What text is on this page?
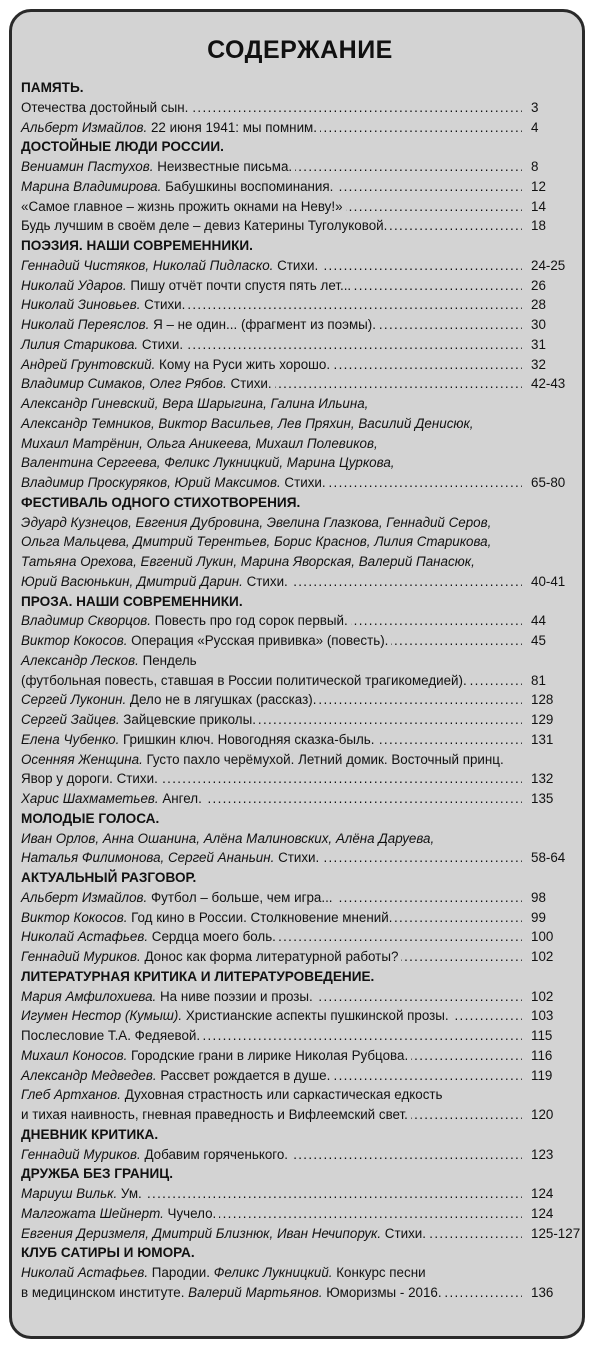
СОДЕРЖАНИЕ
ПАМЯТЬ.
. . . Отечества достойный сын.	3
. . . Альберт Измайлов. 22 июня 1941: мы помним.	4
ДОСТОЙНЫЕ ЛЮДИ РОССИИ.
. . . Вениамин Пастухов. Неизвестные письма.	8
. . . Марина Владимирова. Бабушкины воспоминания.	12
. . . «Самое главное – жизнь прожить окнами на Неву!»	14
. . . Будь лучшим в своём деле – девиз Катерины Туголуковой.	18
ПОЭЗИЯ. НАШИ СОВРЕМЕННИКИ.
. . . Геннадий Чистяков, Николай Пидласко. Стихи.	24-25
. . . Николай Ударов. Пишу отчёт почти спустя пять лет...	26
. . . Николай Зиновьев. Стихи.	28
. . . Николай Переяслов. Я – не один... (фрагмент из поэмы).	30
. . . Лилия Старикова. Стихи.	31
. . . Андрей Грунтовский. Кому на Руси жить хорошо.	32
. . . Владимир Симаков, Олег Рябов. Стихи.	42-43
Александр Гиневский, Вера Шарыгина, Галина Ильина,
Александр Темников, Виктор Васильев, Лев Пряхин, Василий Денисюк,
Михаил Матрёнин, Ольга Аникеева, Михаил Полевиков,
Валентина Сергеева, Феликс Лукницкий, Марина Цуркова,
. . . Владимир Проскуряков, Юрий Максимов. Стихи.	65-80
ФЕСТИВАЛЬ ОДНОГО СТИХОТВОРЕНИЯ.
Эдуард Кузнецов, Евгения Дубровина, Эвелина Глазкова, Геннадий Серов,
Ольга Мальцева, Дмитрий Терентьев, Борис Краснов, Лилия Старикова,
Татьяна Орехова, Евгений Лукин, Марина Яворская, Валерий Панасюк,
. . . Юрий Васюнькин, Дмитрий Дарин. Стихи.	40-41
ПРОЗА. НАШИ СОВРЕМЕННИКИ.
. . . Владимир Скворцов. Повесть про год сорок первый.	44
. . . Виктор Кокосов. Операция «Русская прививка» (повесть).	45
Александр Лесков. Пендель
. . . (футбольная повесть, ставшая в России политической трагикомедией).	81
. . . Сергей Луконин. Дело не в лягушках (рассказ).	128
. . . Сергей Зайцев. Зайцевские приколы.	129
. . . Елена Чубенко. Гришкин ключ. Новогодняя сказка-быль.	131
Осенняя Женщина. Густо пахло черёмухой. Летний домик. Восточный принц.
. . . Явор у дороги. Стихи.	132
. . . Харис Шахмаметьев. Ангел.	135
МОЛОДЫЕ ГОЛОСА.
Иван Орлов, Анна Ошанина, Алёна Малиновских, Алёна Даруева,
. . . Наталья Филимонова, Сергей Ананьин. Стихи.	58-64
АКТУАЛЬНЫЙ РАЗГОВОР.
. . . Альберт Измайлов. Футбол – больше, чем игра...	98
. . . Виктор Кокосов. Год кино в России. Столкновение мнений.	99
. . . Николай Астафьев. Сердца моего боль.	100
. . . Геннадий Муриков. Донос как форма литературной работы?	102
ЛИТЕРАТУРНАЯ КРИТИКА И ЛИТЕРАТУРОВЕДЕНИЕ.
. . . Мария Амфилохиева. На ниве поэзии и прозы.	102
. . . Игумен Нестор (Кумыш). Христианские аспекты пушкинской прозы.	103
. . . Послесловие Т.А. Федяевой.	115
. . . Михаил Коносов. Городские грани в лирике Николая Рубцова.	116
. . . Александр Медведев. Рассвет рождается в душе.	119
Глеб Артханов. Духовная страстность или саркастическая едкость
. . . и тихая наивность, гневная праведность и Вифлеемский свет.	120
ДНЕВНИК КРИТИКА.
. . . Геннадий Муриков. Добавим горяченького.	123
ДРУЖБА БЕЗ ГРАНИЦ.
. . . Мариуш Вильк. Ум.	124
. . . Малгожата Шейнерт. Чучело.	124
. . . Евгения Деризмеля, Дмитрий Близнюк, Иван Нечипорук. Стихи.	125-127
КЛУБ САТИРЫ И ЮМОРА.
Николай Астафьев. Пародии. Феликс Лукницкий. Конкурс песни
. . . в медицинском институте. Валерий Мартьянов. Юморизмы - 2016.	136
